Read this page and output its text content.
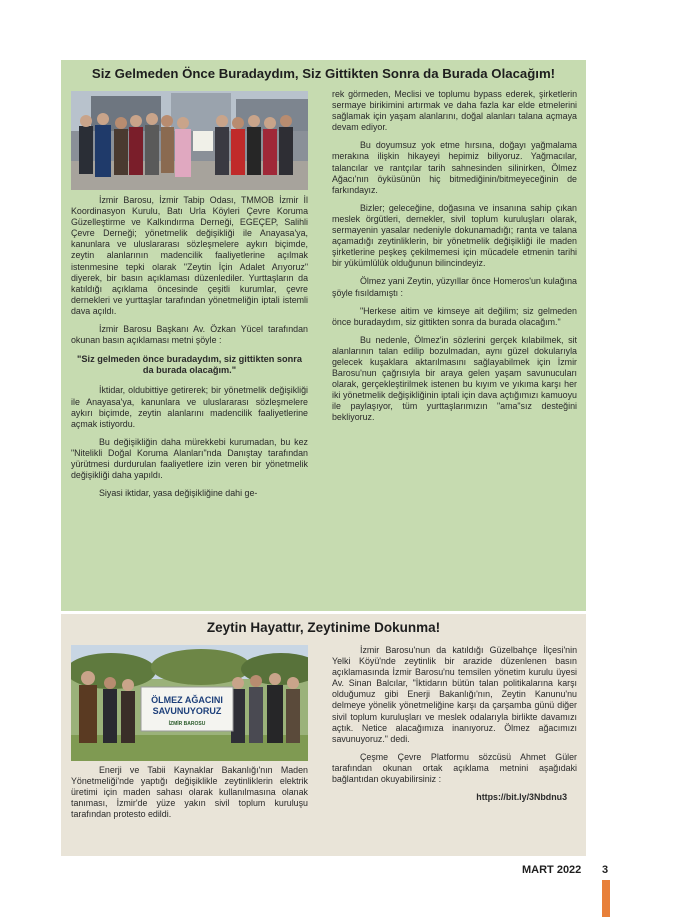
Siz Gelmeden Önce Buradaydım, Siz Gittikten Sonra da Burada Olacağım!

İzmir Barosu, İzmir Tabip Odası, TMMOB İzmir İl Koordinasyon Kurulu, Batı Urla Köyleri Çevre Koruma Güzelleştirme ve Kalkındırma Derneği, EGEÇEP, Salihli Çevre Derneği; yönetmelik değişikliği ile Anayasa'ya, kanunlara ve uluslararası sözleşmelere aykırı biçimde, zeytin alanlarının madencilik faaliyetlerine açılmak istenmesine tepki olarak "Zeytin İçin Adalet Arıyoruz" diyerek, bir basın açıklaması düzenlediler. Yurttaşların da katıldığı açıklama öncesinde çeşitli kurumlar, çevre dernekleri ve yurttaşlar tarafından yönetmeliğin iptali istemli dava açıldı.

İzmir Barosu Başkanı Av. Özkan Yücel tarafından okunan basın açıklaması metni şöyle :

"Siz gelmeden önce buradaydım, siz gittikten sonra da burada olacağım."

İktidar, oldubittiye getirerek; bir yönetmelik değişikliği ile Anayasa'ya, kanunlara ve uluslararası sözleşmelere aykırı biçimde, zeytin alanlarını madencilik faaliyetlerine açmak istiyordu.

Bu değişikliğin daha mürekkebi kurumadan, bu kez "Nitelikli Doğal Koruma Alanları"nda Danıştay tarafından yürütmesi durdurulan faaliyetlere izin veren bir yönetmelik değişikliği daha yapıldı.

Siyasi iktidar, yasa değişikliğine dahi ge-

rek görmeden, Meclisi ve toplumu bypass ederek, şirketlerin sermaye birikimini artırmak ve daha fazla kar elde etmelerini sağlamak için yaşam alanlarını, doğal alanları talana açmaya devam ediyor.

Bu doyumsuz yok etme hırsına, doğayı yağmalama merakına ilişkin hikayeyi hepimiz biliyoruz. Yağmacılar, talancılar ve rantçılar tarih sahnesinden silinirken, Ölmez Ağacı'nın öyküsünün hiç bitmediğinin/bitmeyeceğinin de farkındayız.

Bizler; geleceğine, doğasına ve insanına sahip çıkan meslek örgütleri, dernekler, sivil toplum kuruluşları olarak, sermayenin yasalar nedeniyle dokunamadığı; ranta ve talana açamadığı zeytinliklerin, bir yönetmelik değişikliği ile maden şirketlerine peşkeş çekilmemesi için mücadele etmenin tarihi bir yükümlülük olduğunun bilincindeyiz.

Ölmez yani Zeytin, yüzyıllar önce Homeros'un kulağına şöyle fısıldamıştı :

"Herkese aitim ve kimseye ait değilim; siz gelmeden önce buradaydım, siz gittikten sonra da burada olacağım."

Bu nedenle, Ölmez'in sözlerini gerçek kılabilmek, sit alanlarının talan edilip bozulmadan, aynı güzel dokularıyla gelecek kuşaklara aktarılmasını sağlayabilmek için İzmir Barosu'nun çağrısıyla bir araya gelen yaşam savunucuları olarak, gerçekleştirilmek istenen bu kıyım ve yıkıma karşı her iki yönetmelik değişikliğinin iptali için dava açtığımızı kamuoyu ile paylaşıyor, tüm yurttaşlarımızın "ama"sız desteğini bekliyoruz.

Zeytin Hayattır, Zeytinime Dokunma!
ÖLMEZ AĞACINI
SAVUNUYORUZ
İZMİR BAROSU

Enerji ve Tabii Kaynaklar Bakanlığı'nın Maden Yönetmeliği'nde yaptığı değişiklikle zeytinliklerin elektrik üretimi için maden sahası olarak kullanılmasına olanak tanıması, İzmir'de yüze yakın sivil toplum kuruluşu tarafından protesto edildi.

İzmir Barosu'nun da katıldığı Güzelbahçe İlçesi'nin Yelki Köyü'nde zeytinlik bir arazide düzenlenen basın açıklamasında İzmir Barosu'nu temsilen yönetim kurulu üyesi Av. Sinan Balcılar, "İktidarın bütün talan politikalarına karşı olduğumuz gibi Enerji Bakanlığı'nın, Zeytin Kanunu'nu delmeye yönelik yönetmeliğine karşı da çarşamba günü diğer sivil toplum kuruluşları ve meslek odalarıyla birlikte davamızı açtık. Netice alacağımıza inanıyoruz. Ölmez ağacımızı savunuyoruz." dedi.

Çeşme Çevre Platformu sözcüsü Ahmet Güler tarafından okunan ortak açıklama metnini aşağıdaki bağlantıdan okuyabilirsiniz :

https://bit.ly/3Nbdnu3

MART 2022 3
